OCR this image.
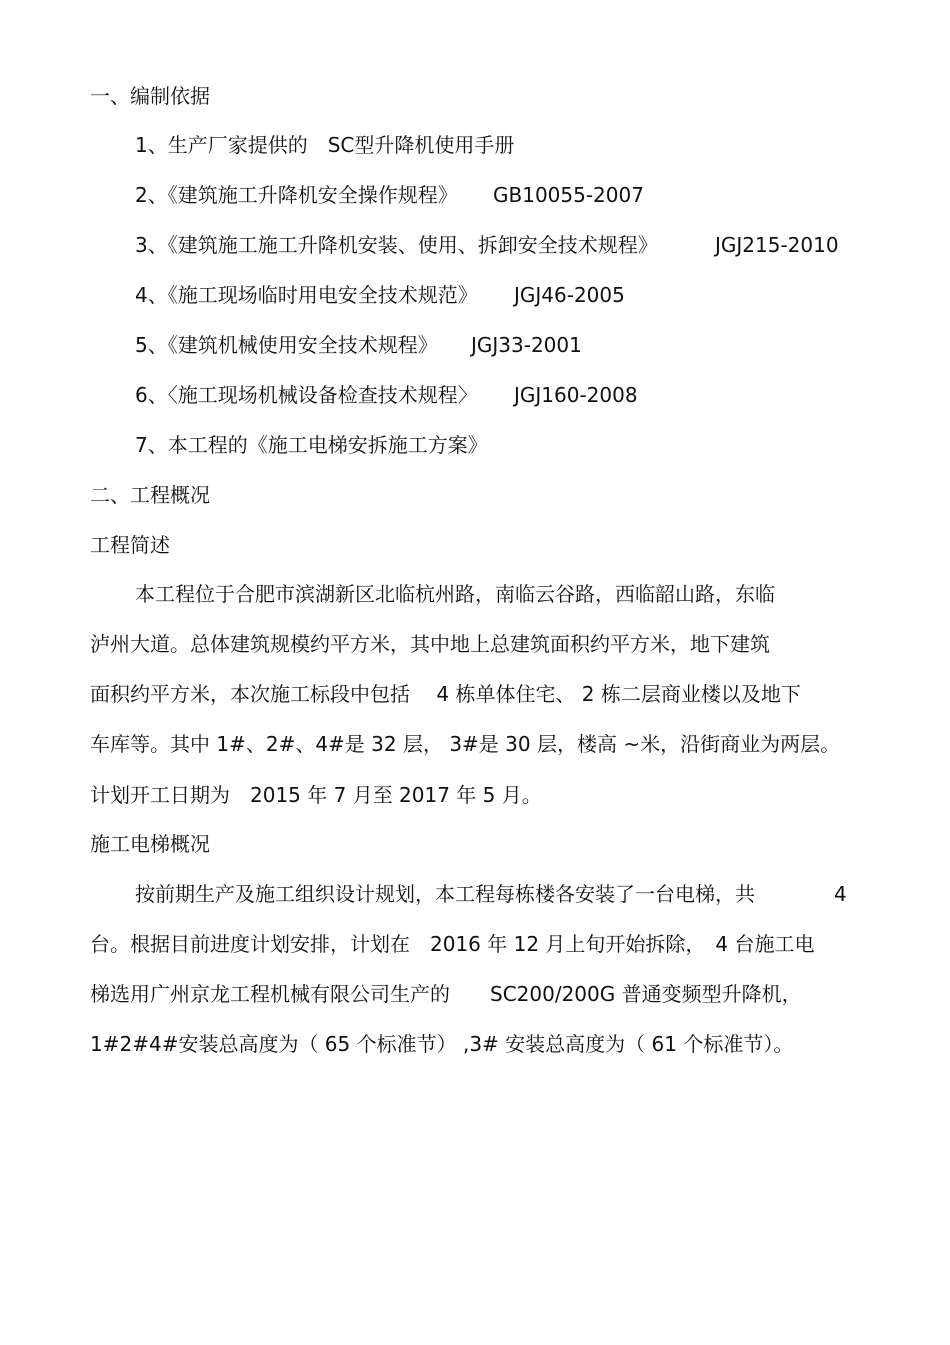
一、编制依据
1、生产厂家提供的　SC型升降机使用手册
2、《建筑施工升降机安全操作规程》 GB10055-2007
3、《建筑施工施工升降机安装、使用、拆卸安全技术规程》	JGJ215-2010
4、《施工现场临时用电安全技术规范》 JGJ46-2005
5、《建筑机械使用安全技术规程》 JGJ33-2001
6、〈施工现场机械设备检查技术规程〉 JGJ160-2008
7、本工程的《施工电梯安拆施工方案》
二、工程概况
工程简述
本工程位于合肥市滨湖新区北临杭州路，南临云谷路，西临韶山路，东临
泸州大道。总体建筑规模约平方米，其中地上总建筑面积约平方米，地下建筑
面积约平方米，本次施工标段中包括　 4 栋单体住宅、 2 栋二层商业楼以及地下
车库等。其中 1#、2#、4#是 32 层， 3#是 30 层，楼高 ~米，沿街商业为两层。
计划开工日期为　2015 年 7 月至 2017 年 5 月。
施工电梯概况
按前期生产及施工组织设计规划，本工程每栋楼各安装了一台电梯，共	4
台。根据目前进度计划安排，计划在　2016 年 12 月上旬开始拆除，　4 台施工电
梯选用广州京龙工程机械有限公司生产的　　SC200/200G 普通变频型升降机，
1#2#4#安装总高度为（ 65 个标准节） ,3# 安装总高度为（ 61 个标准节）。
